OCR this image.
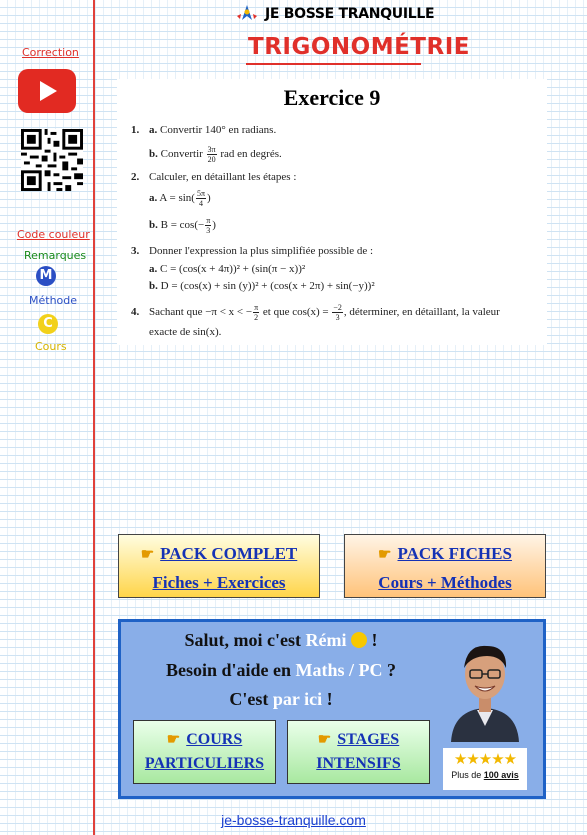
JE BOSSE TRANQUILLE
TRIGONOMÉTRIE
Correction
Code couleur
Remarques
M
Méthode
C
Cours
Exercice 9
1. a. Convertir 140° en radians.
b. Convertir $\frac{3\pi}{20}$ rad en degrés.
2. Calculer, en détaillant les étapes :
a. $A = \sin( \frac{5\pi}{4}$ )
b. $B = \cos(- \frac{\pi}{3}$ )
3. Donner l'expression la plus simplifiée possible de :
a. C = (cos(x + 4π))² + (sin(π − x))²
b. D = (cos(x) + sin (y))² + (cos(x + 2π) + sin(−y))²
4. Sachant que −π < x < − $\frac{\pi}{2}$ et que $\cos(x) = \frac{-2}{3}$ , déterminer, en détaillant, la valeur
exacte de sin(x).
☛ PACK COMPLET
Fiches + Exercices
☛ PACK FICHES
Cours + Méthodes
Salut, moi c'est Rémi !
Besoin d'aide en Maths / PC ?
C'est par ici !
☛ COURS
PARTICULIERS
☛ STAGES
INTENSIFS	★★★★★
Plus de 100 avis
je-bosse-tranquille.com
